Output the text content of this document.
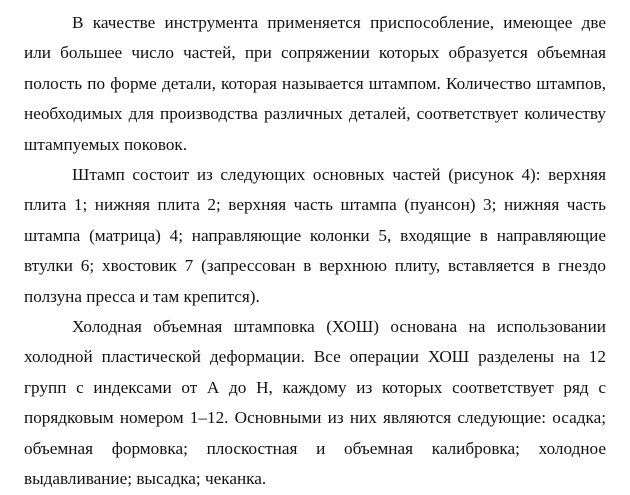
В качестве инструмента применяется приспособление, имеющее две или большее число частей, при сопряжении которых образуется объемная полость по форме детали, которая называется штампом. Количество штампов, необходимых для производства различных деталей, соответствует количеству штампуемых поковок.

Штамп состоит из следующих основных частей (рисунок 4): верхняя плита 1; нижняя плита 2; верхняя часть штампа (пуансон) 3; нижняя часть штампа (матрица) 4; направляющие колонки 5, входящие в направляющие втулки 6; хвостовик 7 (запрессован в верхнюю плиту, вставляется в гнездо ползуна пресса и там крепится).

Холодная объемная штамповка (ХОШ) основана на использовании холодной пластической деформации. Все операции ХОШ разделены на 12 групп с индексами от А до Н, каждому из которых соответствует ряд с порядковым номером 1–12. Основными из них являются следующие: осадка; объемная формовка; плоскостная и объемная калибровка; холодное выдавливание; высадка; чеканка.
